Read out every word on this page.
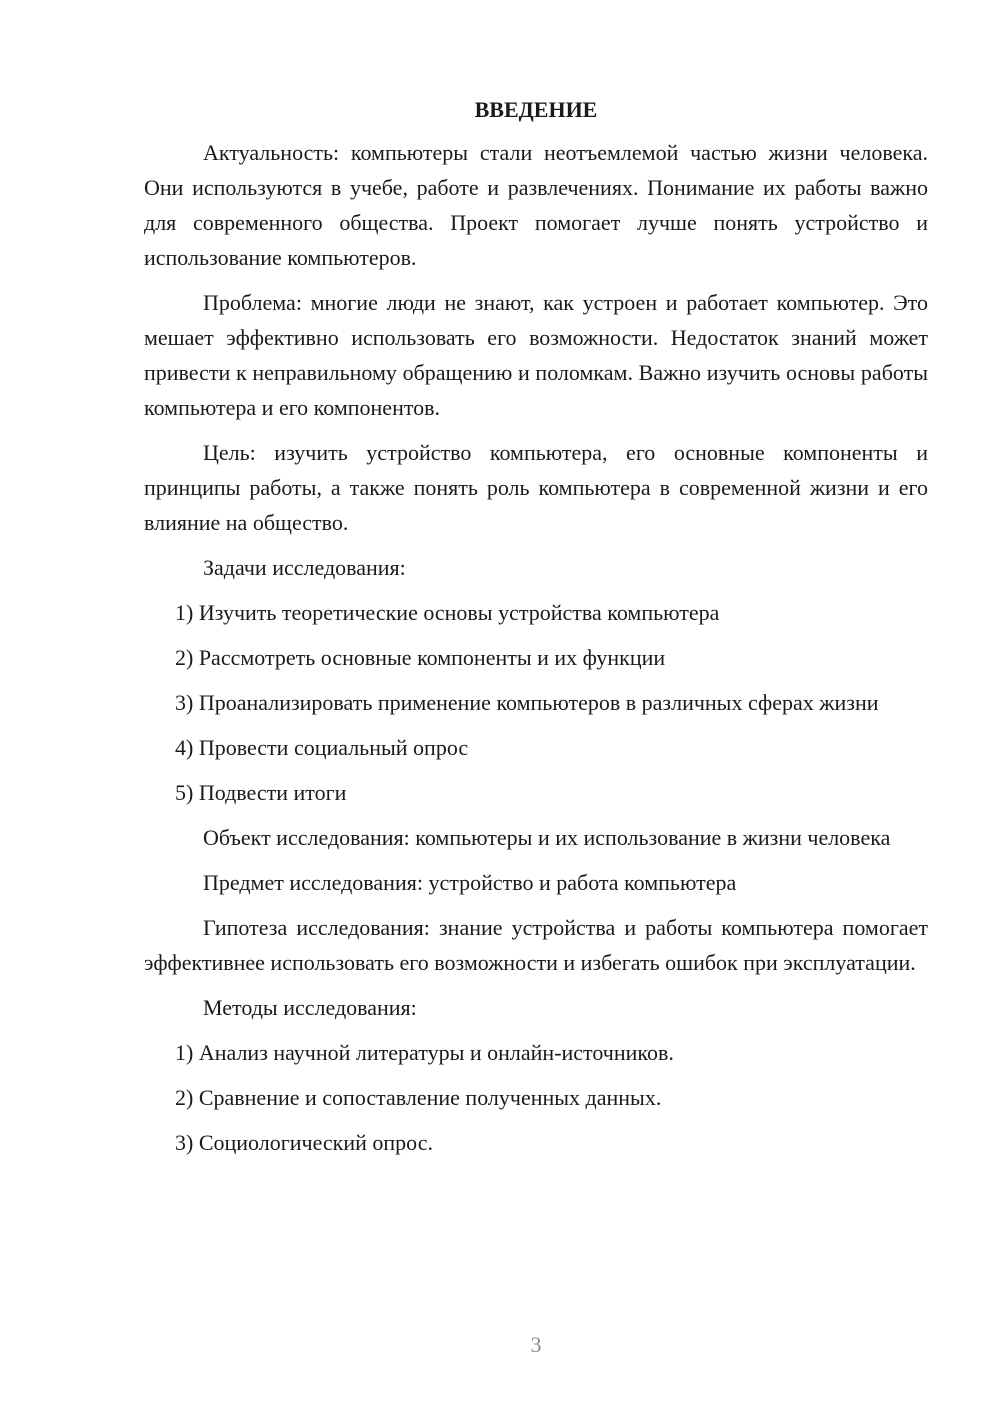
ВВЕДЕНИЕ

Актуальность: компьютеры стали неотъемлемой частью жизни человека. Они используются в учебе, работе и развлечениях. Понимание их работы важно для современного общества. Проект помогает лучше понять устройство и использование компьютеров.

Проблема: многие люди не знают, как устроен и работает компьютер. Это мешает эффективно использовать его возможности. Недостаток знаний может привести к неправильному обращению и поломкам. Важно изучить основы работы компьютера и его компонентов.

Цель: изучить устройство компьютера, его основные компоненты и принципы работы, а также понять роль компьютера в современной жизни и его влияние на общество.

Задачи исследования:

1) Изучить теоретические основы устройства компьютера

2) Рассмотреть основные компоненты и их функции

3) Проанализировать применение компьютеров в различных сферах жизни

4) Провести социальный опрос

5) Подвести итоги

Объект исследования: компьютеры и их использование в жизни человека

Предмет исследования: устройство и работа компьютера

Гипотеза исследования: знание устройства и работы компьютера помогает эффективнее использовать его возможности и избегать ошибок при эксплуатации.

Методы исследования:

1) Анализ научной литературы и онлайн-источников.

2) Сравнение и сопоставление полученных данных.

3) Социологический опрос.

3
